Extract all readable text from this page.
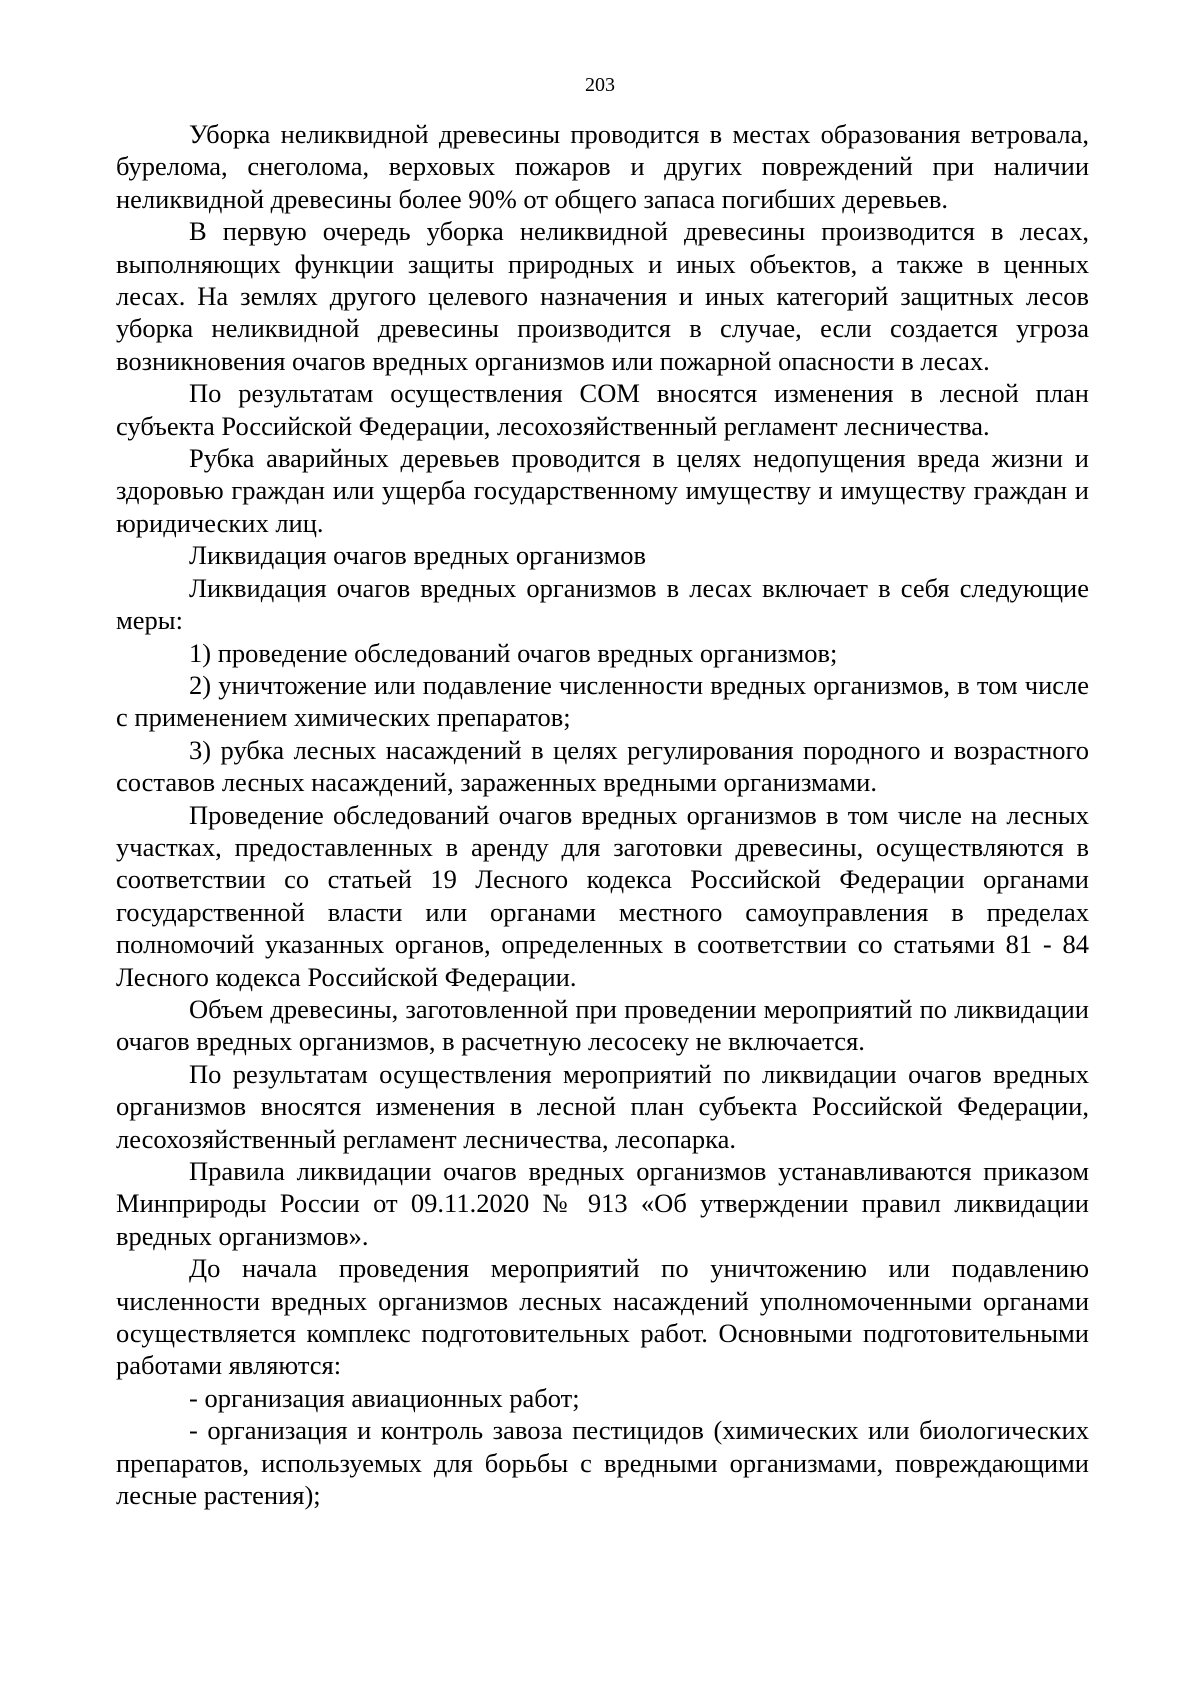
203

Уборка неликвидной древесины проводится в местах образования ветровала, бурелома, снеголома, верховых пожаров и других повреждений при наличии неликвидной древесины более 90% от общего запаса погибших деревьев.

В первую очередь уборка неликвидной древесины производится в лесах, выполняющих функции защиты природных и иных объектов, а также в ценных лесах. На землях другого целевого назначения и иных категорий защитных лесов уборка неликвидной древесины производится в случае, если создается угроза возникновения очагов вредных организмов или пожарной опасности в лесах.

По результатам осуществления СОМ вносятся изменения в лесной план субъекта Российской Федерации, лесохозяйственный регламент лесничества.

Рубка аварийных деревьев проводится в целях недопущения вреда жизни и здоровью граждан или ущерба государственному имуществу и имуществу граждан и юридических лиц.

Ликвидация очагов вредных организмов

Ликвидация очагов вредных организмов в лесах включает в себя следующие меры:

1) проведение обследований очагов вредных организмов;

2) уничтожение или подавление численности вредных организмов, в том числе с применением химических препаратов;

3) рубка лесных насаждений в целях регулирования породного и возрастного составов лесных насаждений, зараженных вредными организмами.

Проведение обследований очагов вредных организмов в том числе на лесных участках, предоставленных в аренду для заготовки древесины, осуществляются в соответствии со статьей 19 Лесного кодекса Российской Федерации органами государственной власти или органами местного самоуправления в пределах полномочий указанных органов, определенных в соответствии со статьями 81 - 84 Лесного кодекса Российской Федерации.

Объем древесины, заготовленной при проведении мероприятий по ликвидации очагов вредных организмов, в расчетную лесосеку не включается.

По результатам осуществления мероприятий по ликвидации очагов вредных организмов вносятся изменения в лесной план субъекта Российской Федерации, лесохозяйственный регламент лесничества, лесопарка.

Правила ликвидации очагов вредных организмов устанавливаются приказом Минприроды России от 09.11.2020 № 913 «Об утверждении правил ликвидации вредных организмов».

До начала проведения мероприятий по уничтожению или подавлению численности вредных организмов лесных насаждений уполномоченными органами осуществляется комплекс подготовительных работ. Основными подготовительными работами являются:

- организация авиационных работ;

- организация и контроль завоза пестицидов (химических или биологических препаратов, используемых для борьбы с вредными организмами, повреждающими лесные растения);
